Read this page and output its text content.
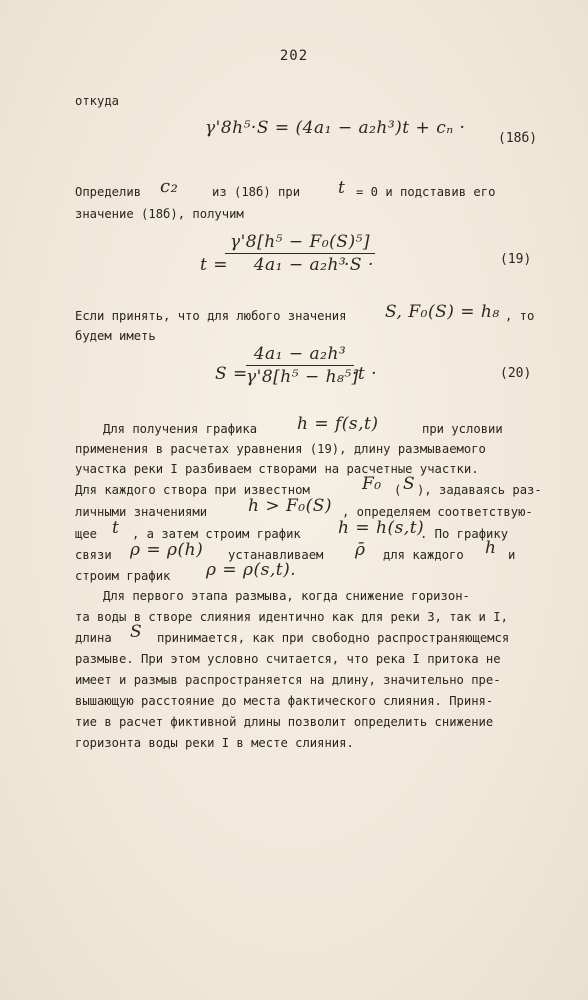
202
откуда
γ'8h⁵·S = (4a₁ − a₂h³)t + cₙ ·
(18б)
Определив c₂	из (18б) при t = 0 и подставив его
значение (18б), получим
t =
$\frac{\text{γ'8[h⁵ − F₀(S)⁵]}}{\text{4a₁ − a₂h³}}$
·S ·	(19)
Если принять, что для любого значения S, F₀(S) = h₈ , то
будем иметь
S =
$\frac{\text{4a₁ − a₂h³}}{\text{γ'8[h⁵ − h₈⁵]}}$
·t ·	(20)
Для получения графика h = f(s,t)	при условии
применения в расчетах уравнения (19), длину размываемого
участка реки I разбиваем створами на расчетные участки.
Для каждого створа при известном	F₀ ( S ), задаваясь раз-
личными значениями h > F₀(S) , определяем соответствую-
щее t , а затем строим график h = h(s,t)
. По графику
связи ρ = ρ(h) устанавливаем ρ̄ для каждого h и
строим график ρ = ρ(s,t).
Для первого этапа размыва, когда снижение горизон-
та воды в створе слияния идентично как для реки 3, так и I,
длина S принимается, как при свободно распространяющемся
размыве. При этом условно считается, что река I притока не
имеет и размыв распространяется на длину, значительно пре-
вышающую расстояние до места фактического слияния. Приня-
тие в расчет фиктивной длины позволит определить снижение
горизонта воды реки I в месте слияния.
